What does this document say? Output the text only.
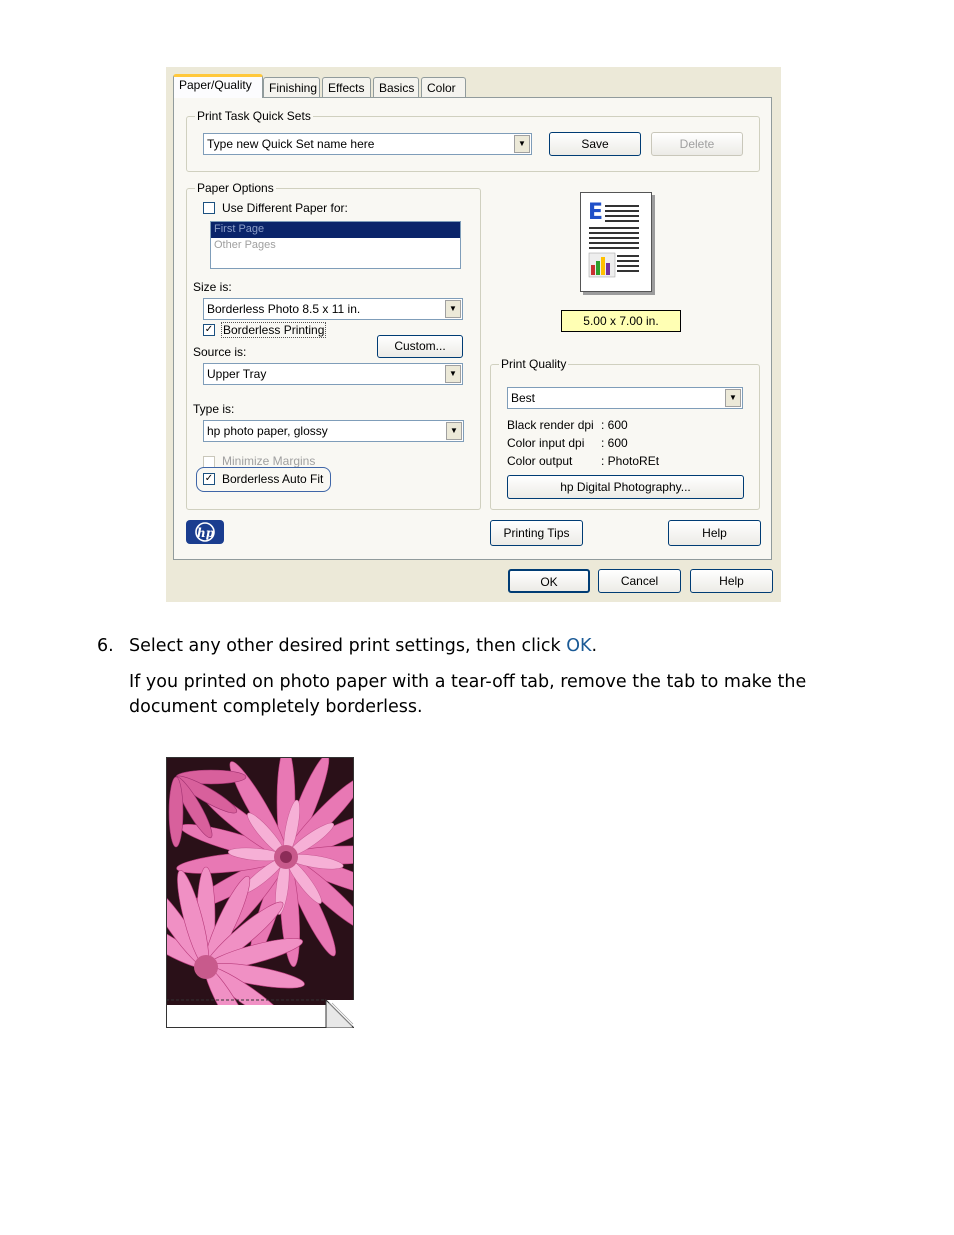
Paper/Quality	Finishing Effects	Basics	Color
Print Task Quick Sets
Type new Quick Set name here	▼	Save	Delete
Paper Options
Use Different Paper for:
First Page
Other Pages
Size is:
Borderless Photo 8.5 x 11 in.	▼
✓ Borderless Printing
Source is:	Custom...
Upper Tray	▼
Type is:
hp photo paper, glossy	▼
Minimize Margins
✓ Borderless Auto Fit
E
5.00 x 7.00 in.
Print Quality
Best	▼
Black render dpi : 600
Color input dpi : 600
Color output : PhotoREt
hp Digital Photography...
hp	Printing Tips	Help
OK	Cancel	Help
6. Select any other desired print settings, then click OK.
If you printed on photo paper with a tear-off tab, remove the tab to make the
document completely borderless.
